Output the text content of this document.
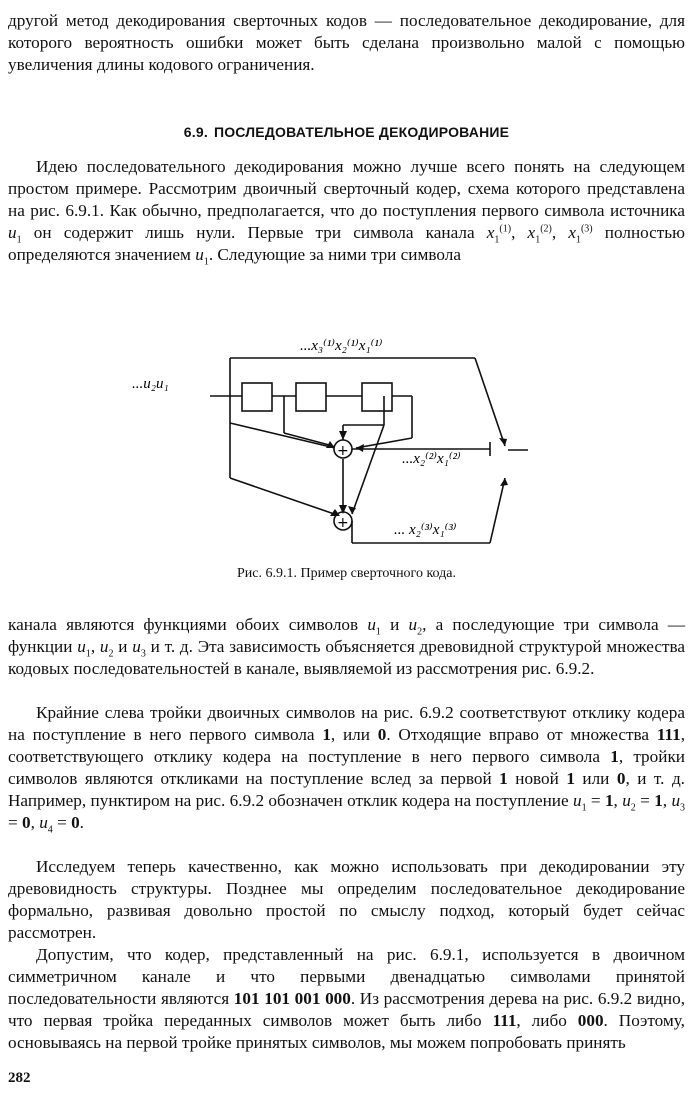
другой метод декодирования сверточных кодов — последовательное декодирование, для которого вероятность ошибки может быть сделана произвольно малой с помощью увеличения длины кодового ограничения.

6.9. ПОСЛЕДОВАТЕЛЬНОЕ ДЕКОДИРОВАНИЕ

Идею последовательного декодирования можно лучше всего понять на следующем простом примере. Рассмотрим двоичный сверточный кодер, схема которого представлена на рис. 6.9.1. Как обычно, предполагается, что до поступления первого символа источника $u_1$ он содержит лишь нули. Первые три символа канала $x_1^{(1)}$, $x_1^{(2)}$, $x_1^{(3)}$ полностью определяются значением $u_1$. Следующие за ними три символа

...u₂u₁
...x₃⁽¹⁾x₂⁽¹⁾x₁⁽¹⁾
...x₂⁽²⁾x₁⁽²⁾
... x₂⁽³⁾x₁⁽³⁾
+
+

Рис. 6.9.1. Пример сверточного кода.

канала являются функциями обоих символов $u_1$ и $u_2$, а последующие три символа — функции $u_1$, $u_2$ и $u_3$ и т. д. Эта зависимость объясняется древовидной структурой множества кодовых последовательностей в канале, выявляемой из рассмотрения рис. 6.9.2.

Крайние слева тройки двоичных символов на рис. 6.9.2 соответствуют отклику кодера на поступление в него первого символа 1, или 0. Отходящие вправо от множества 111, соответствующего отклику кодера на поступление в него первого символа 1, тройки символов являются откликами на поступление вслед за первой 1 новой 1 или 0, и т. д. Например, пунктиром на рис. 6.9.2 обозначен отклик кодера на поступление $u_1 = 1$, $u_2 = 1$, $u_3 = 0$, $u_4 = 0$.

Исследуем теперь качественно, как можно использовать при декодировании эту древовидность структуры. Позднее мы определим последовательное декодирование формально, развивая довольно простой по смыслу подход, который будет сейчас рассмотрен.

Допустим, что кодер, представленный на рис. 6.9.1, используется в двоичном симметричном канале и что первыми двенадцатью символами принятой последовательности являются 101 101 001 000. Из рассмотрения дерева на рис. 6.9.2 видно, что первая тройка переданных символов может быть либо 111, либо 000. Поэтому, основываясь на первой тройке принятых символов, мы можем попробовать принять

282
